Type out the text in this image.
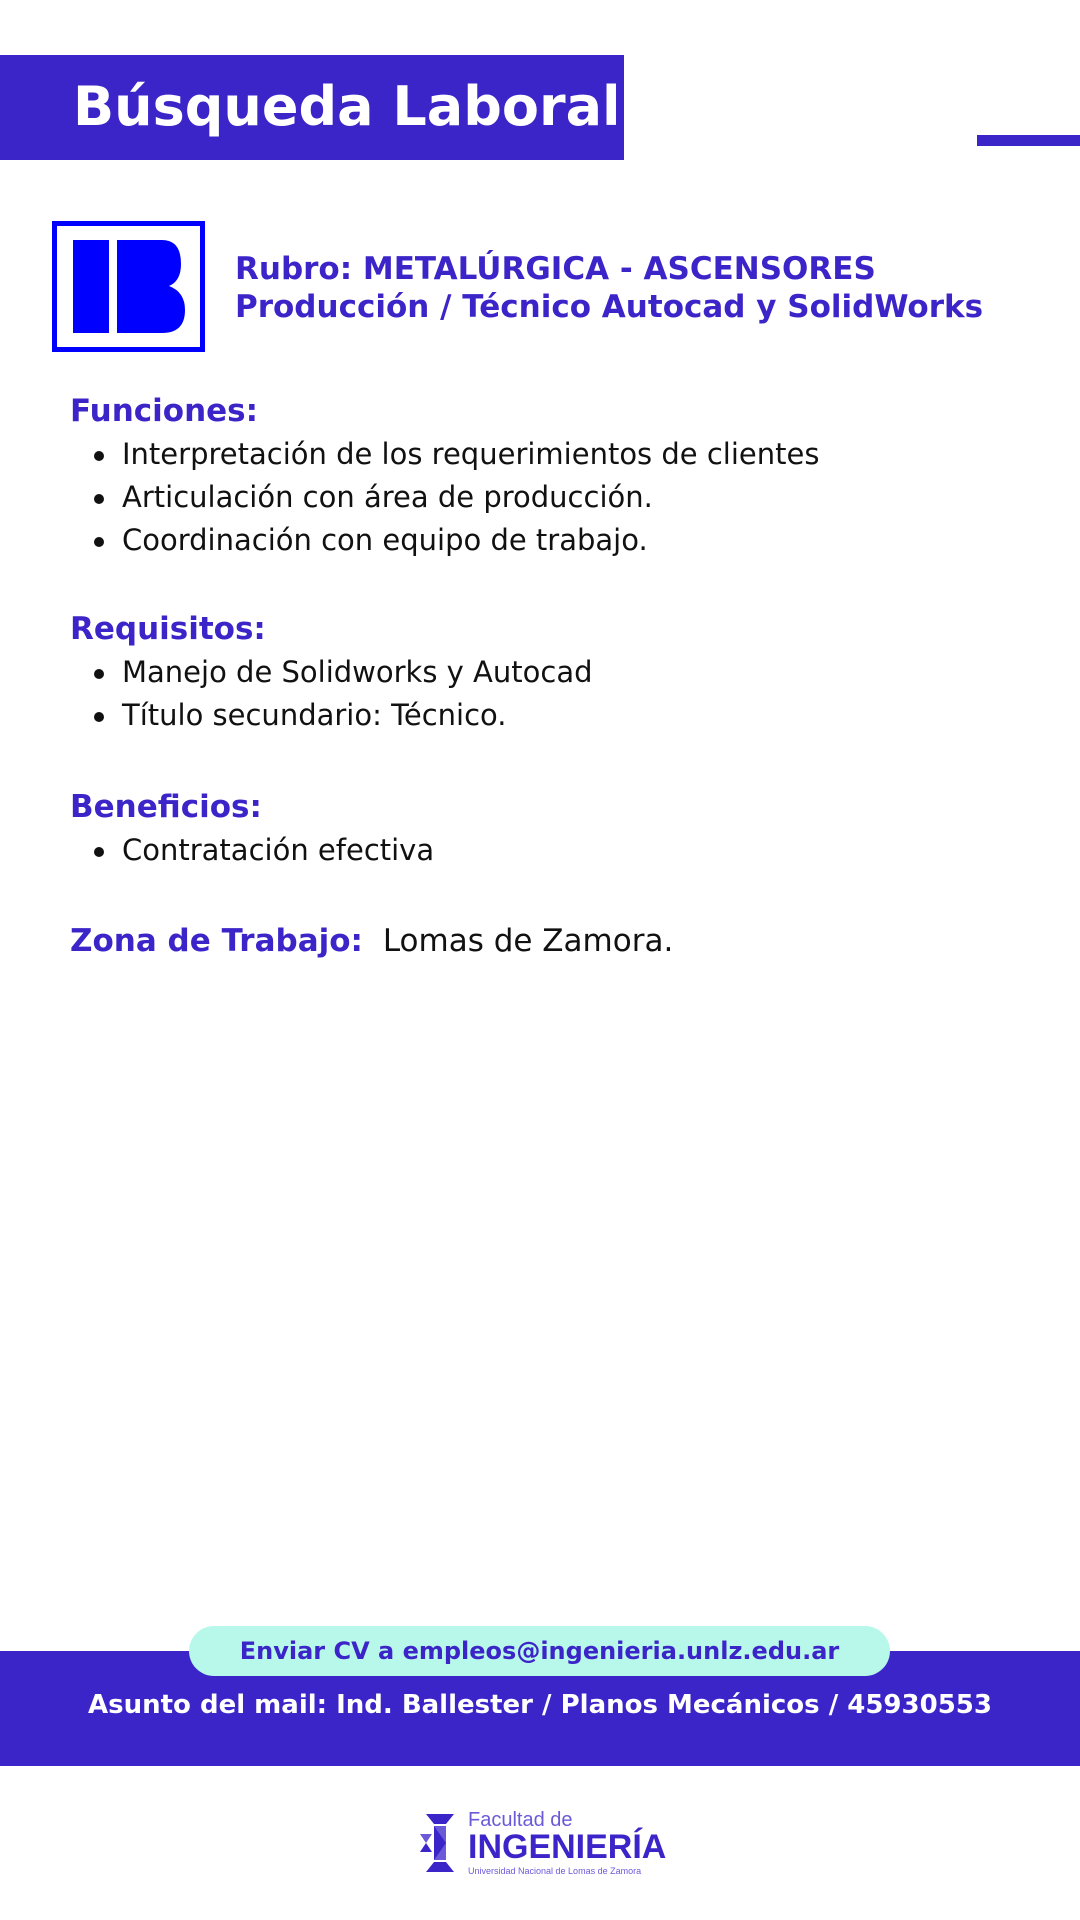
Búsqueda Laboral
Rubro: METALÚRGICA - ASCENSORES
Producción / Técnico Autocad y SolidWorks
Funciones:
Interpretación de los requerimientos de clientes
Articulación con área de producción.
Coordinación con equipo de trabajo.
Requisitos:
Manejo de Solidworks y Autocad
Título secundario: Técnico.
Beneficios:
Contratación efectiva
Zona de Trabajo: Lomas de Zamora.
Enviar CV a empleos@ingenieria.unlz.edu.ar
Asunto del mail: Ind. Ballester / Planos Mecánicos / 45930553
Facultad de
INGENIERÍA
Universidad Nacional de Lomas de Zamora
